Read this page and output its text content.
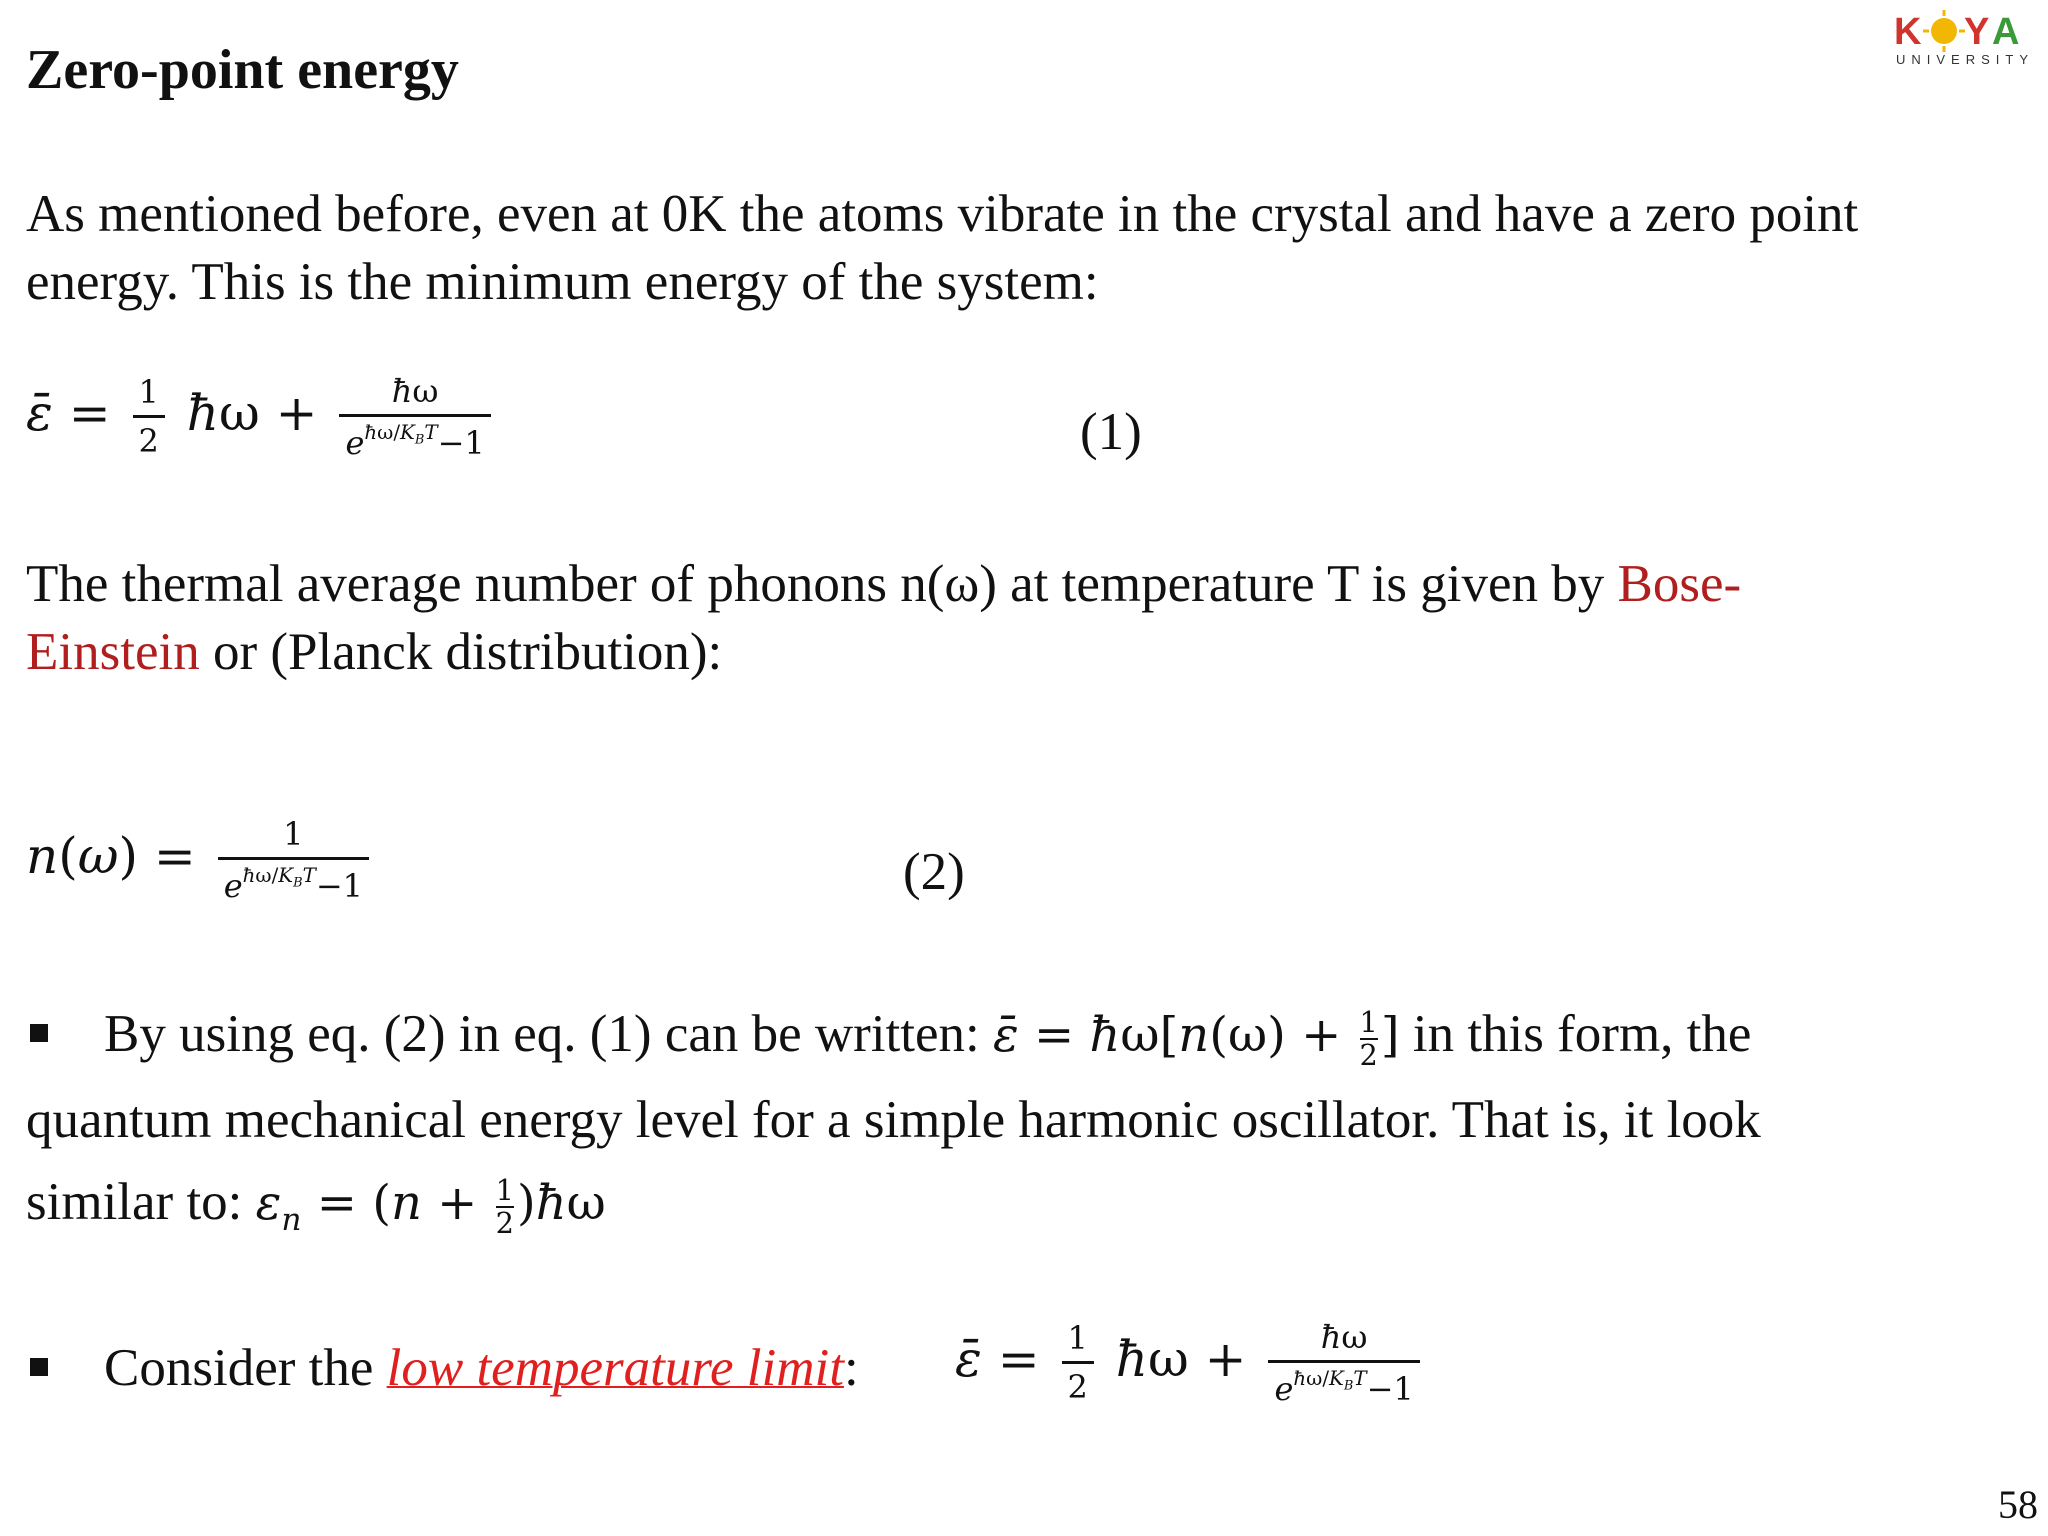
K Y A
UNIVERSITY
Zero-point energy
As mentioned before, even at 0K the atoms vibrate in the crystal and have a zero point
energy. This is the minimum energy of the system:
ε̄ = $\frac{1}{2}$ ħω + $\frac{ħ\omega}{e^{ħ\omega/K_BT}-1}$	(1)
The thermal average number of phonons n(ω) at temperature T is given by Bose-
Einstein or (Planck distribution):
$n(\omega) = \frac{1}{e^{ħ\omega/K_BT}-1}$	(2)
By using eq. (2) in eq. (1) can be written: ε̄ = ħω[n(ω) + $\frac{1}{2}$ ] in this form, the
quantum mechanical energy level for a simple harmonic oscillator. That is, it look
similar to: $\varepsilon_n = (n + \frac{1}{2}$ )ħω
Consider the low temperature limit: ε̄ = $\frac{1}{2}$ ħω + $\frac{ħ\omega}{e^{ħ\omega/K_BT}-1}$
58
